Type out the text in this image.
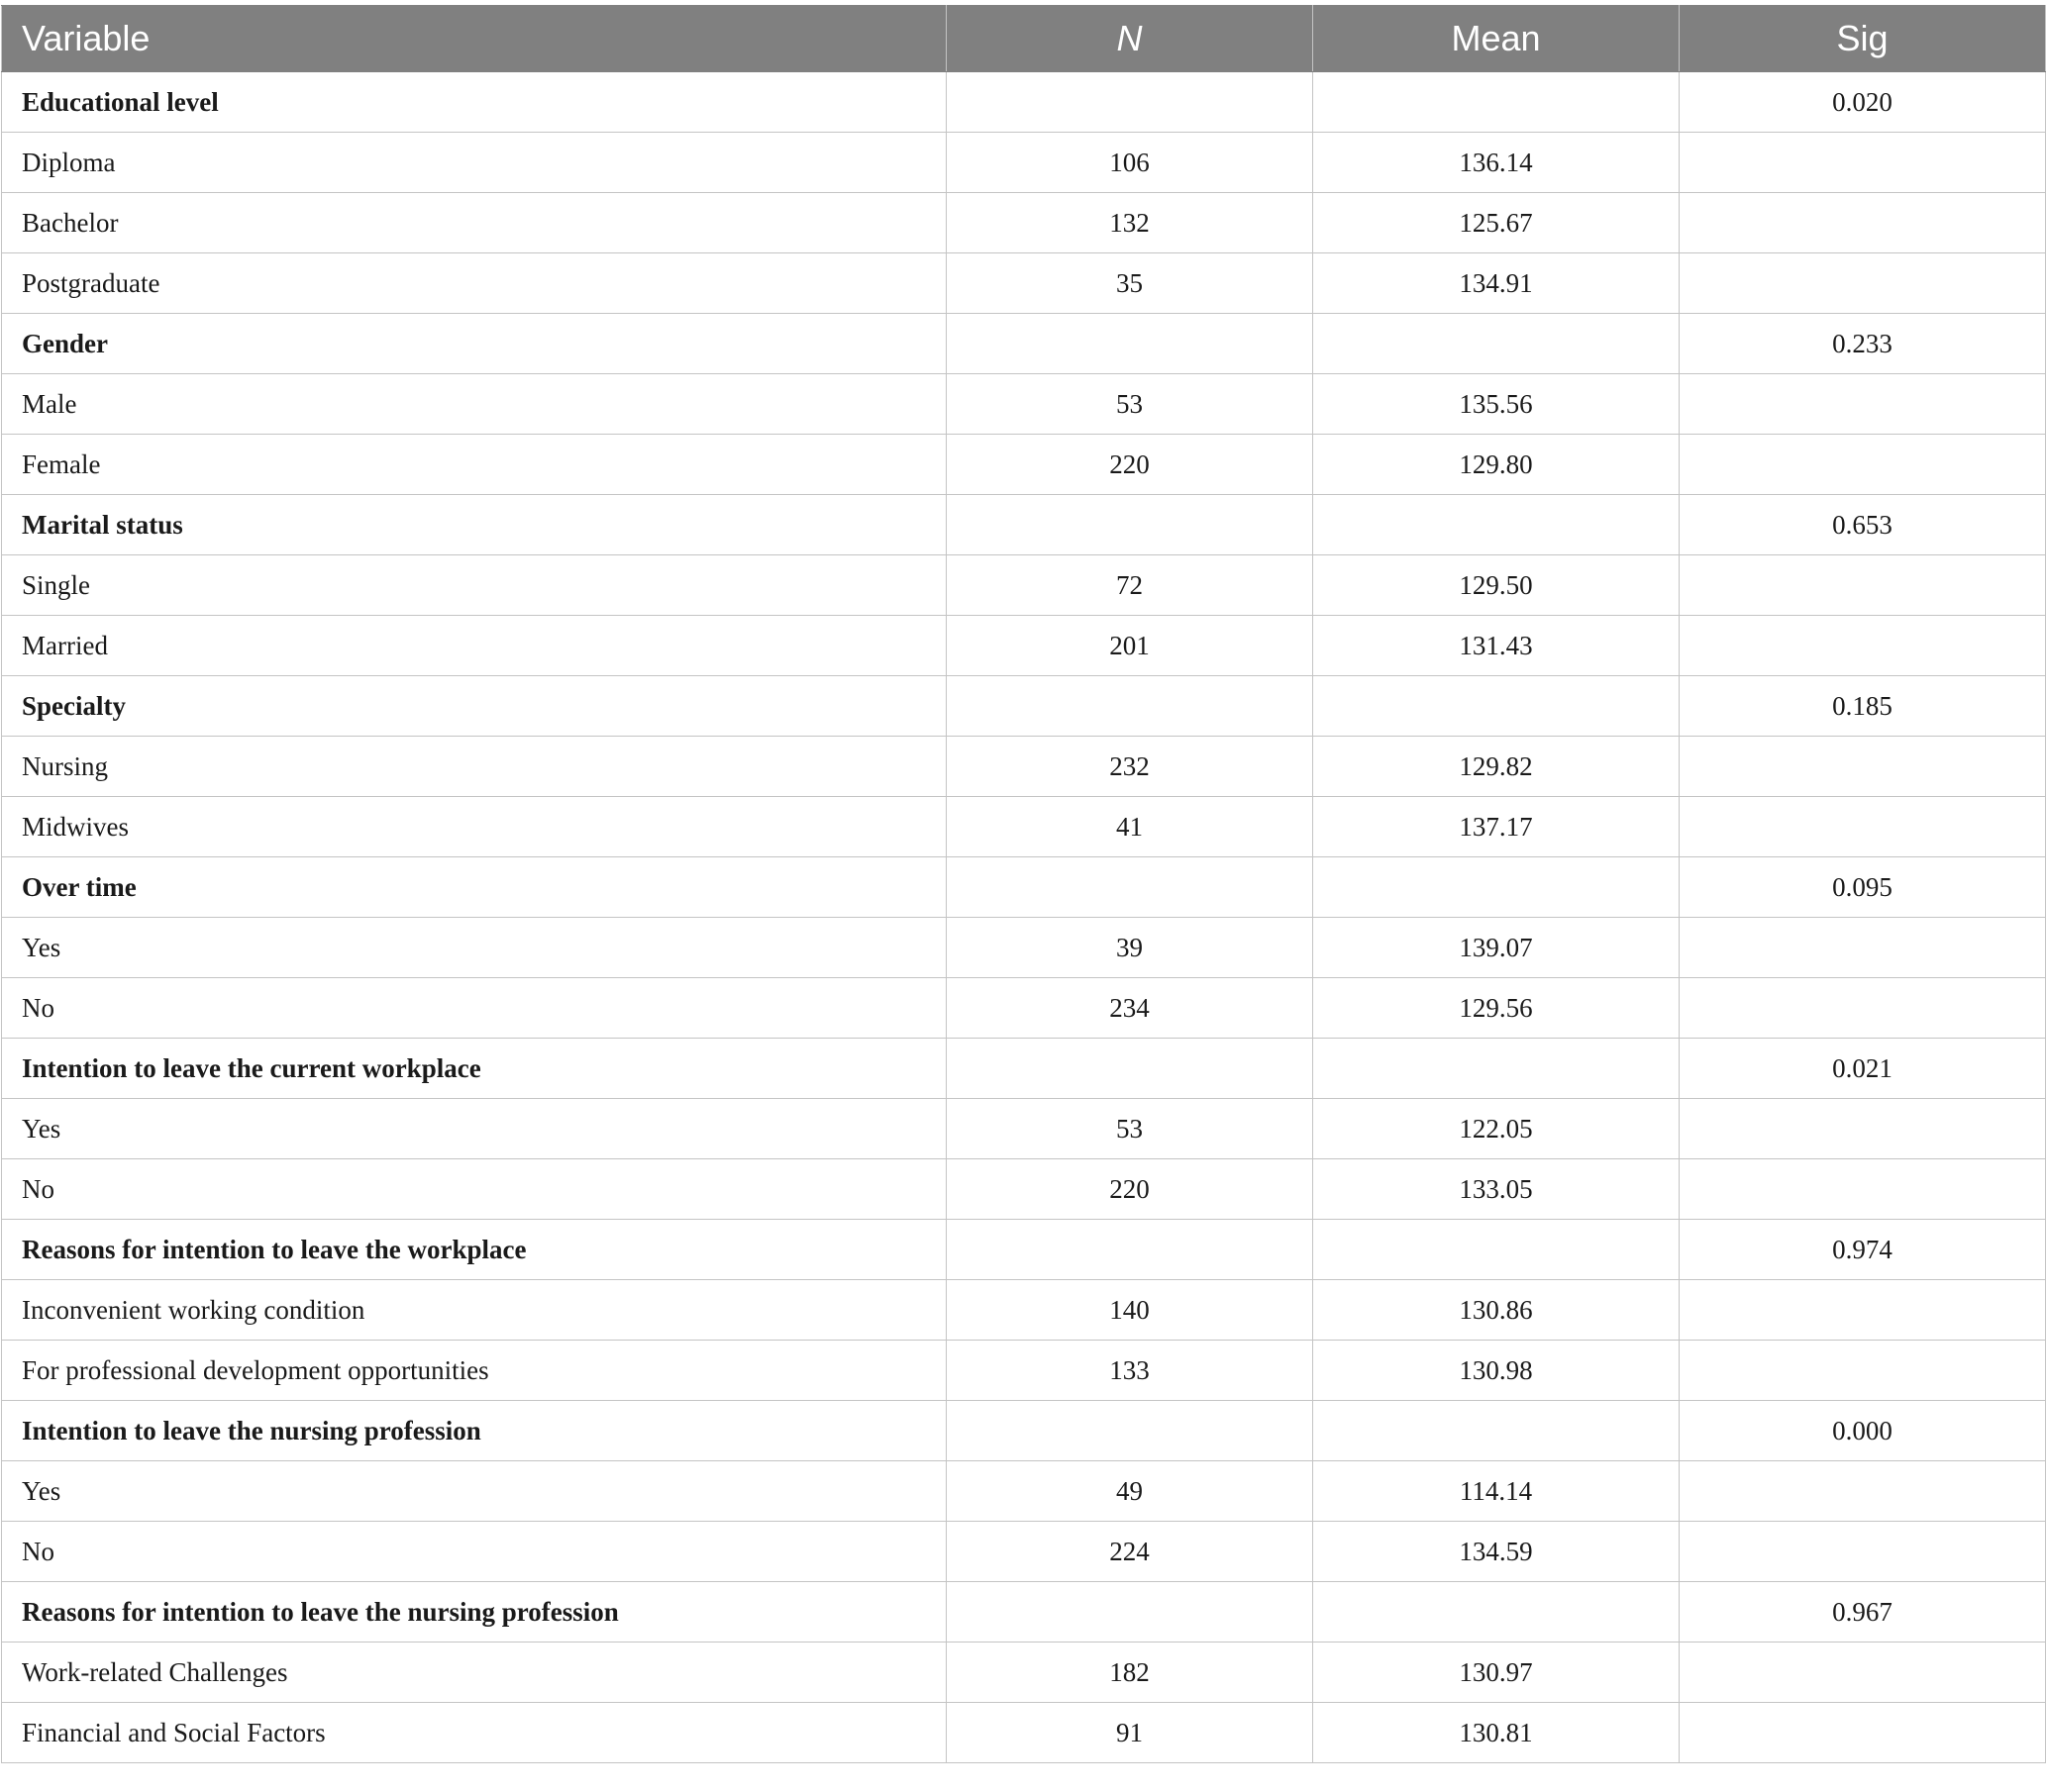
Variable	N	Mean	Sig
Educational level			0.020
Diploma	106	136.14	
Bachelor	132	125.67	
Postgraduate	35	134.91	
Gender			0.233
Male	53	135.56	
Female	220	129.80	
Marital status			0.653
Single	72	129.50	
Married	201	131.43	
Specialty			0.185
Nursing	232	129.82	
Midwives	41	137.17	
Over time			0.095
Yes	39	139.07	
No	234	129.56	
Intention to leave the current workplace			0.021
Yes	53	122.05	
No	220	133.05	
Reasons for intention to leave the workplace			0.974
Inconvenient working condition	140	130.86	
For professional development opportunities	133	130.98	
Intention to leave the nursing profession			0.000
Yes	49	114.14	
No	224	134.59	
Reasons for intention to leave the nursing profession			0.967
Work-related Challenges	182	130.97	
Financial and Social Factors	91	130.81	
